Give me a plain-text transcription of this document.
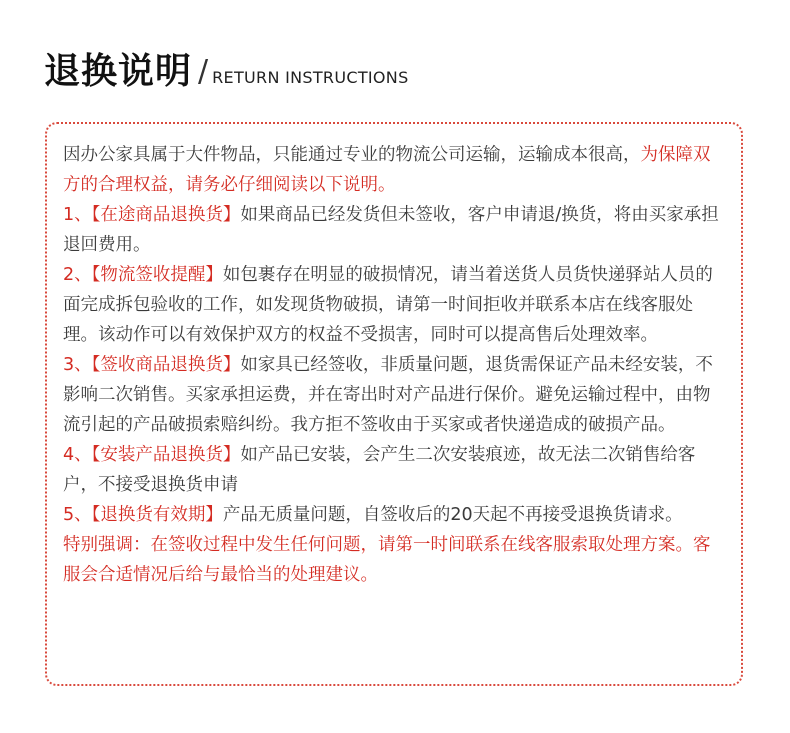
退换说明 / RETURN INSTRUCTIONS

因办公家具属于大件物品，只能通过专业的物流公司运输，运输成本很高，为保障双方的合理权益，请务必仔细阅读以下说明。

1、【在途商品退换货】如果商品已经发货但未签收，客户申请退/换货，将由买家承担退回费用。

2、【物流签收提醒】如包裹存在明显的破损情况，请当着送货人员货快递驿站人员的面完成拆包验收的工作，如发现货物破损，请第一时间拒收并联系本店在线客服处理。该动作可以有效保护双方的权益不受损害，同时可以提高售后处理效率。

3、【签收商品退换货】如家具已经签收，非质量问题，退货需保证产品未经安装，不影响二次销售。买家承担运费，并在寄出时对产品进行保价。避免运输过程中，由物流引起的产品破损索赔纠纷。我方拒不签收由于买家或者快递造成的破损产品。

4、【安装产品退换货】如产品已安装，会产生二次安装痕迹，故无法二次销售给客户，不接受退换货申请

5、【退换货有效期】产品无质量问题，自签收后的20天起不再接受退换货请求。

特别强调：在签收过程中发生任何问题，请第一时间联系在线客服索取处理方案。客服会合适情况后给与最恰当的处理建议。
